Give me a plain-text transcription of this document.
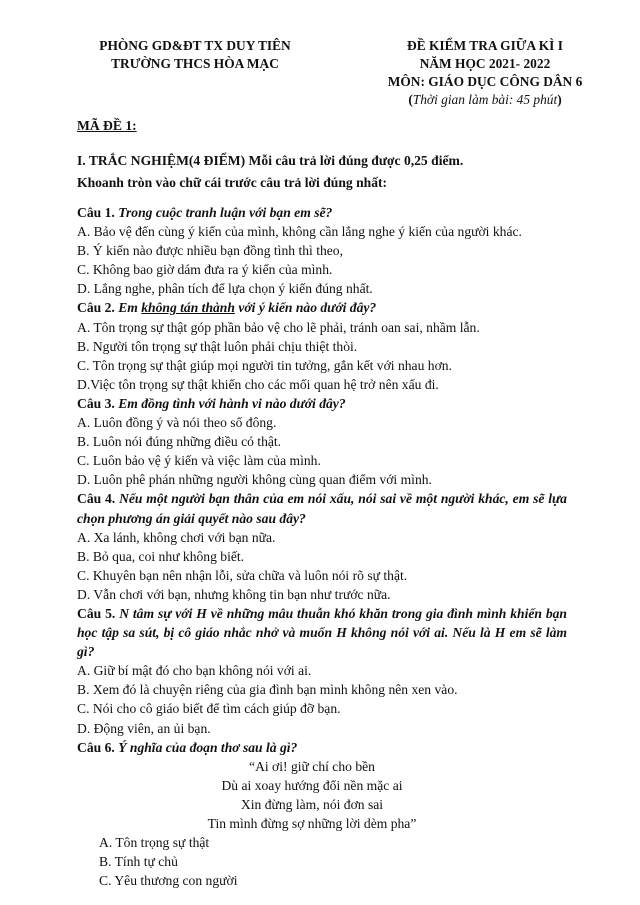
PHÒNG GD&ĐT TX DUY TIÊN
TRƯỜNG THCS HÒA MẠC
ĐỀ KIỂM TRA GIỮA KÌ I
NĂM HỌC 2021- 2022
MÔN: GIÁO DỤC CÔNG DÂN 6
(Thời gian làm bài: 45 phút)
MÃ ĐỀ 1:
I. TRẮC NGHIỆM(4 ĐIỂM) Mỗi câu trả lời đúng được 0,25 điểm.
Khoanh tròn vào chữ cái trước câu trả lời đúng nhất:
Câu 1. Trong cuộc tranh luận với bạn em sẽ?
A. Bảo vệ đến cùng ý kiến của mình, không cần lắng nghe ý kiến của người khác.
B. Ý kiến nào được nhiều bạn đồng tình thì theo,
C. Không bao giờ dám đưa ra ý kiến của mình.
D. Lắng nghe, phân tích để lựa chọn ý kiến đúng nhất.
Câu 2. Em không tán thành với ý kiến nào dưới đây?
A. Tôn trọng sự thật góp phần bảo vệ cho lẽ phải, tránh oan sai, nhầm lẫn.
B. Người tôn trọng sự thật luôn phải chịu thiệt thòi.
C. Tôn trọng sự thật giúp mọi người tin tưởng, gắn kết với nhau hơn.
D.Việc tôn trọng sự thật khiến cho các mối quan hệ trở nên xấu đi.
Câu 3. Em đồng tình với hành vi nào dưới đây?
A. Luôn đồng ý và nói theo số đông.
B. Luôn nói đúng những điều có thật.
C. Luôn bảo vệ ý kiến và việc làm của mình.
D. Luôn phê phán những người không cùng quan điểm với mình.
Câu 4. Nếu một người bạn thân của em nói xấu, nói sai về một người khác, em sẽ lựa chọn phương án giải quyết nào sau đây?
A. Xa lánh, không chơi với bạn nữa.
B. Bỏ qua, coi như không biết.
C. Khuyên bạn nên nhận lỗi, sửa chữa và luôn nói rõ sự thật.
D. Vẫn chơi với bạn, nhưng không tin bạn như trước nữa.
Câu 5. N tâm sự với H về những mâu thuẫn khó khăn trong gia đình mình khiến bạn học tập sa sút, bị cô giáo nhắc nhở và muốn H không nói với ai. Nếu là H em sẽ làm gì?
A. Giữ bí mật đó cho bạn không nói với ai.
B. Xem đó là chuyện riêng của gia đình bạn mình không nên xen vào.
C. Nói cho cô giáo biết để tìm cách giúp đỡ bạn.
D. Động viên, an ủi bạn.
Câu 6. Ý nghĩa của đoạn thơ sau là gì?
“Ai ơi! giữ chí cho bền
Dù ai xoay hướng đổi nền mặc ai
Xin đừng làm, nói đơn sai
Tin mình đừng sợ những lời dèm pha”
A. Tôn trọng sự thật
B. Tính tự chủ
C. Yêu thương con người
